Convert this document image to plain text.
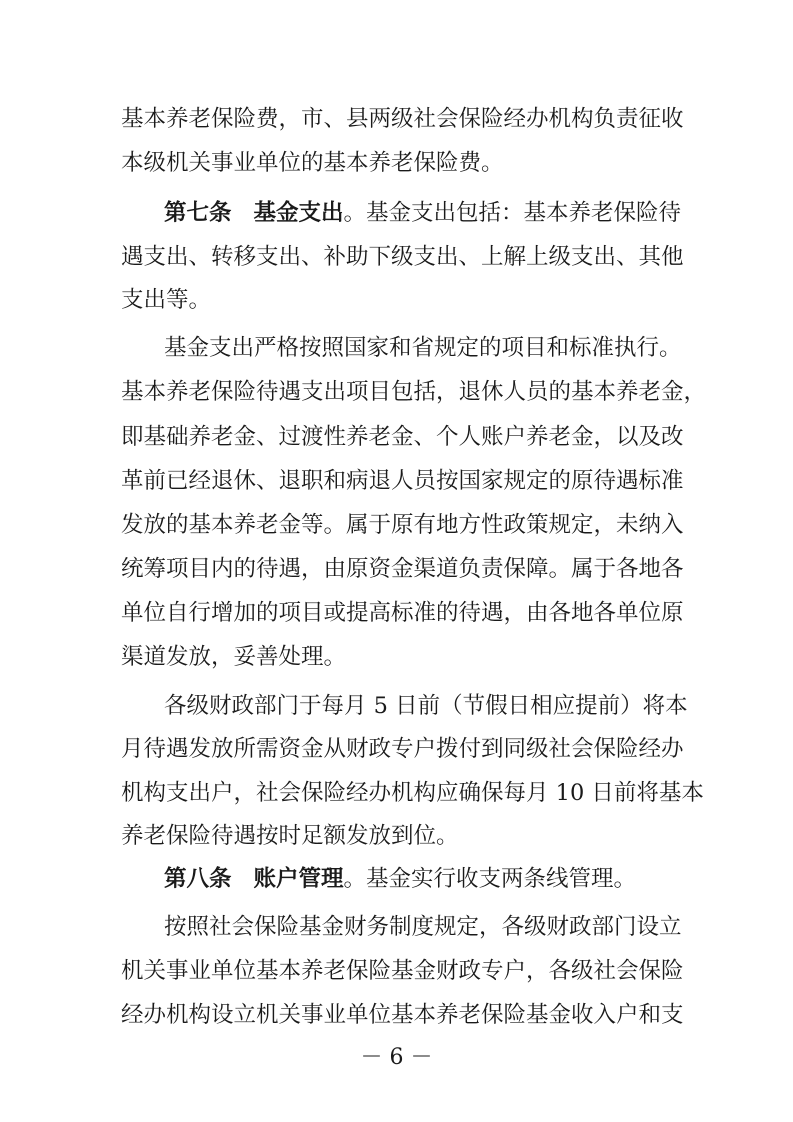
基本养老保险费，市、县两级社会保险经办机构负责征收
本级机关事业单位的基本养老保险费。
第七条 基金支出。基金支出包括：基本养老保险待
遇支出、转移支出、补助下级支出、上解上级支出、其他
支出等。
基金支出严格按照国家和省规定的项目和标准执行。
基本养老保险待遇支出项目包括，退休人员的基本养老金，
即基础养老金、过渡性养老金、个人账户养老金，以及改
革前已经退休、退职和病退人员按国家规定的原待遇标准
发放的基本养老金等。属于原有地方性政策规定，未纳入
统筹项目内的待遇，由原资金渠道负责保障。属于各地各
单位自行增加的项目或提高标准的待遇，由各地各单位原
渠道发放，妥善处理。
各级财政部门于每月 5 日前（节假日相应提前）将本
月待遇发放所需资金从财政专户拨付到同级社会保险经办
机构支出户，社会保险经办机构应确保每月 10 日前将基本
养老保险待遇按时足额发放到位。
第八条 账户管理。基金实行收支两条线管理。
按照社会保险基金财务制度规定，各级财政部门设立
机关事业单位基本养老保险基金财政专户，各级社会保险
经办机构设立机关事业单位基本养老保险基金收入户和支
－ 6 －
